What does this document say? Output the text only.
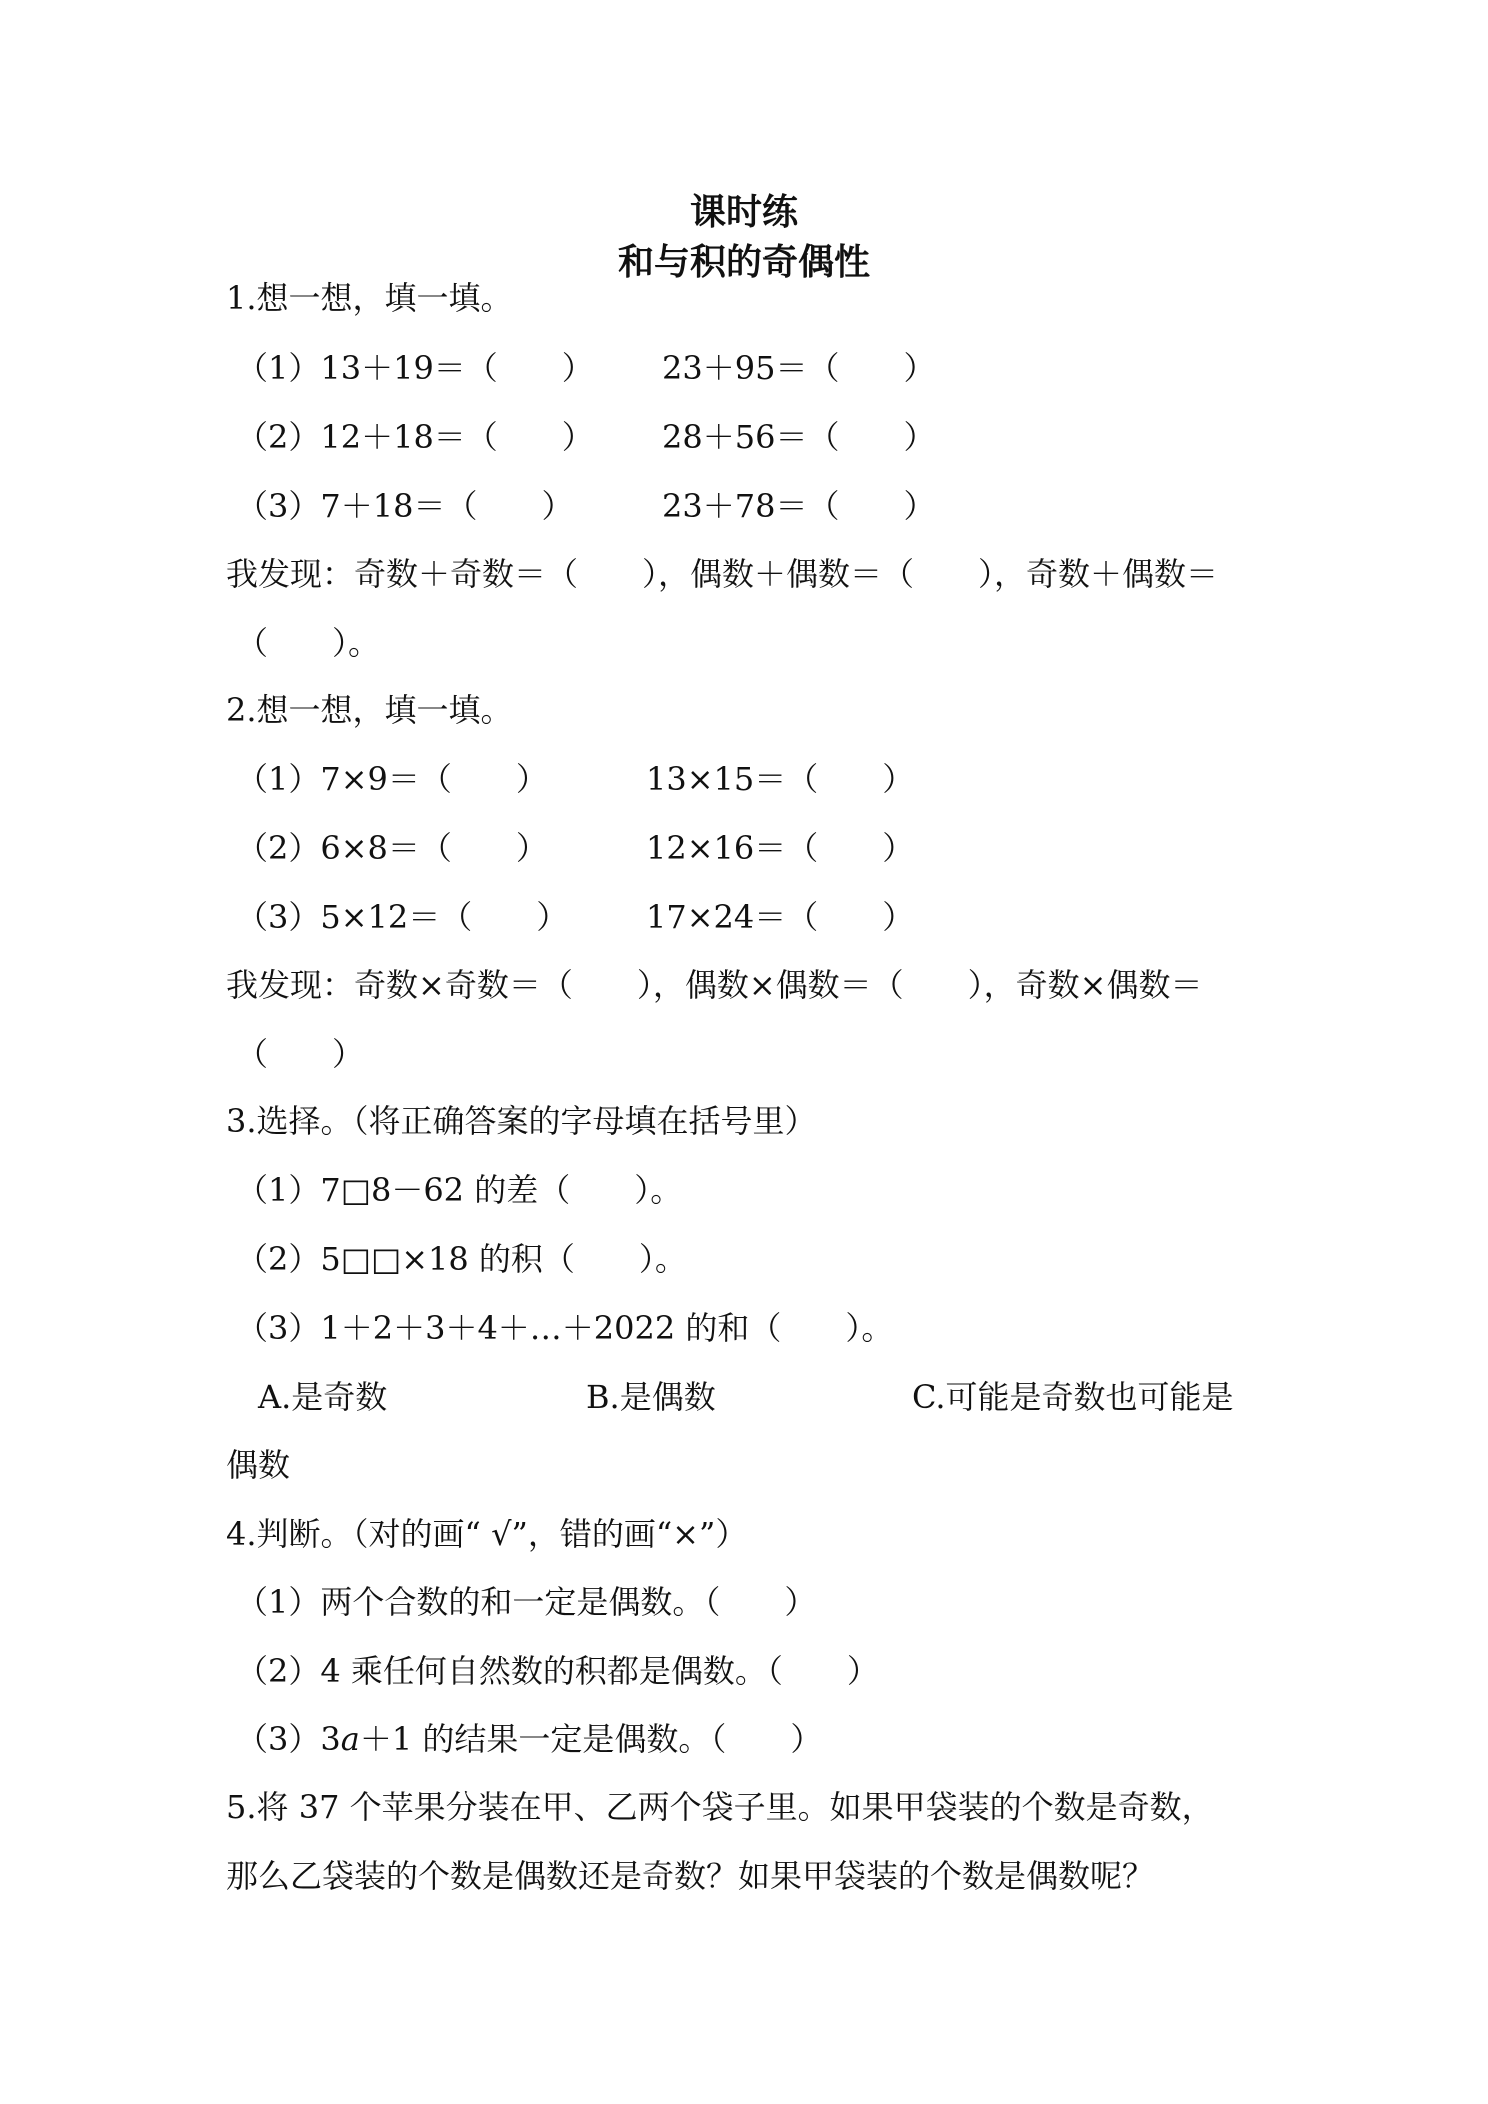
课时练
和与积的奇偶性
1.想一想，填一填。
（1）13＋19＝（　　） 23＋95＝（　　）
（2）12＋18＝（　　） 28＋56＝（　　）
（3）7＋18＝（　　）	23＋78＝（　　）
我发现：奇数＋奇数＝（　　），偶数＋偶数＝（　　），奇数＋偶数＝
（　　）。
2.想一想，填一填。
（1）7×9＝（　　）	13×15＝（　　）
（2）6×8＝（　　）	12×16＝（　　）
（3）5×12＝（　　） 17×24＝（　　）
我发现：奇数×奇数＝（　　），偶数×偶数＝（　　），奇数×偶数＝
（　　）
3.选择。（将正确答案的字母填在括号里）
（1）7□8－62 的差（　　）。
（2）5□□×18 的积（　　）。
（3）1＋2＋3＋4＋…＋2022 的和（　　）。
A.是奇数	B.是偶数	C.可能是奇数也可能是
偶数
4.判断。（对的画“ √”，错的画“×”）
（1）两个合数的和一定是偶数。（　　）
（2）4 乘任何自然数的积都是偶数。（　　）
（3）3a＋1 的结果一定是偶数。（　　）
5.将 37 个苹果分装在甲、乙两个袋子里。如果甲袋装的个数是奇数，
那么乙袋装的个数是偶数还是奇数？如果甲袋装的个数是偶数呢？
